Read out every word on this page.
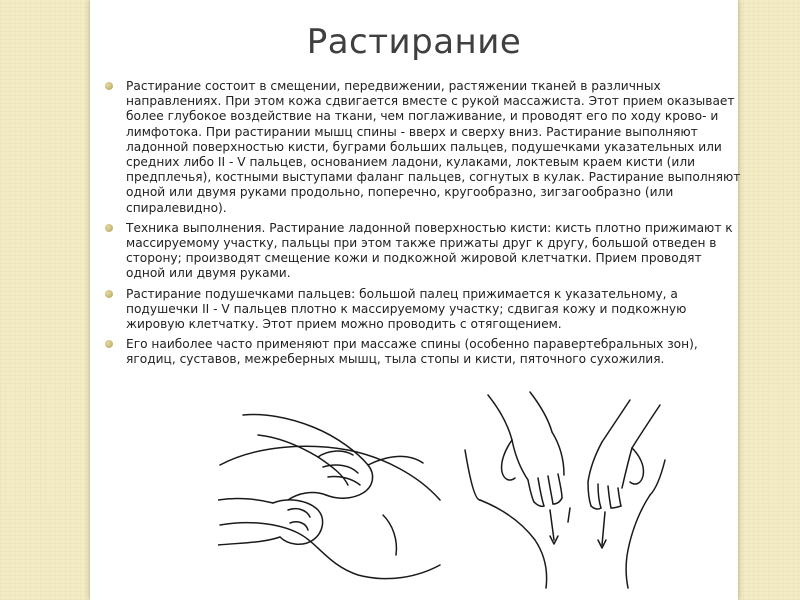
Растирание
Растирание состоит в смещении, передвижении, растяжении тканей в различных направлениях. При этом кожа сдвигается вместе с рукой массажиста. Этот прием оказывает более глубокое воздействие на ткани, чем поглаживание, и проводят его по ходу крово- и лимфотока. При растирании мышц спины - вверх и сверху вниз. Растирание выполняют ладонной поверхностью кисти, буграми больших пальцев, подушечками указательных или средних либо II - V пальцев, основанием ладони, кулаками, локтевым краем кисти (или предплечья), костными выступами фаланг пальцев, согнутых в кулак. Растирание выполняют одной или двумя руками продольно, поперечно, кругообразно, зигзагообразно (или спиралевидно).
Техника выполнения. Растирание ладонной поверхностью кисти: кисть плотно прижимают к массируемому участку, пальцы при этом также прижаты друг к другу, большой отведен в сторону; производят смещение кожи и подкожной жировой клетчатки. Прием проводят одной или двумя руками.
Растирание подушечками пальцев: большой палец прижимается к указательному, а подушечки II - V пальцев плотно к массируемому участку; сдвигая кожу и подкожную жировую клетчатку. Этот прием можно проводить с отягощением.
Его наиболее часто применяют при массаже спины (особенно паравертебральных зон), ягодиц, суставов, межреберных мышц, тыла стопы и кисти, пяточного сухожилия.
